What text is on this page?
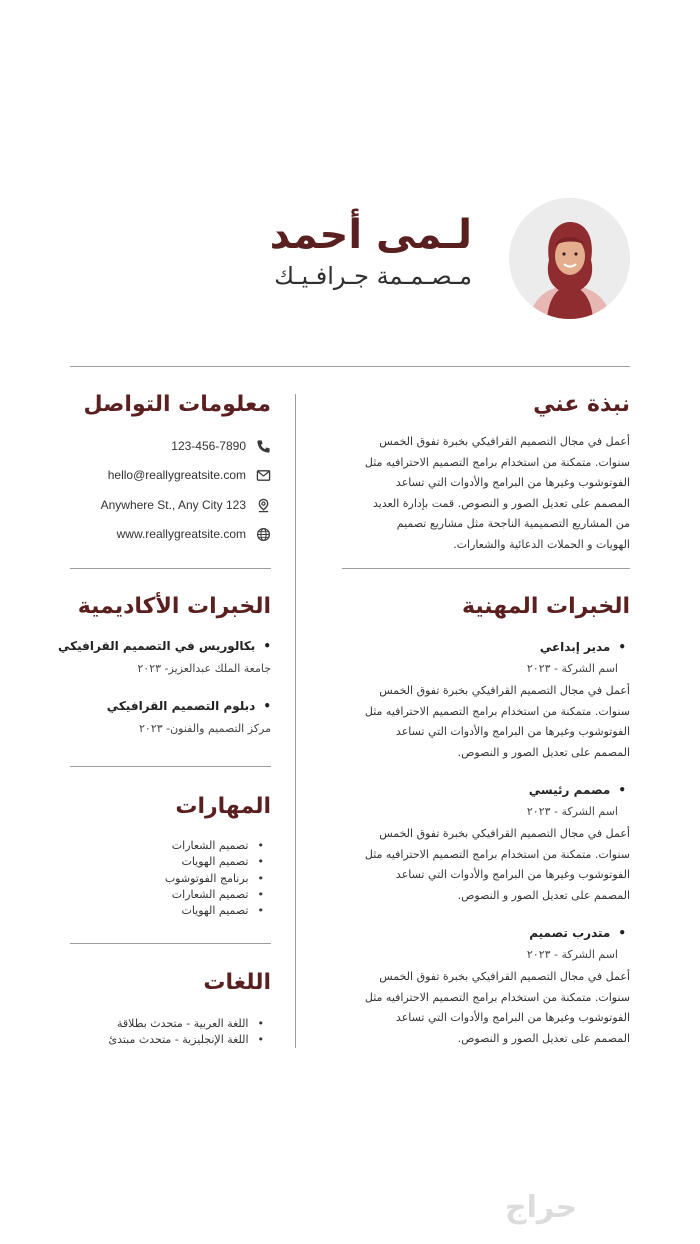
لـمى أحمد
مـصـمـمة جـرافـيـك
نبذة عني
أعمل في مجال التصميم القرافيكي بخبرة تفوق الخمس سنوات. متمكنة من استخدام برامج التصميم الاحترافيه مثل الفوتوشوب وغيرها من البرامج والأدوات التي تساعد المصمم على تعديل الصور و النصوص. قمت بإدارة العديد من المشاريع التصميمية الناجحة مثل مشاريع تصميم الهويات و الحملات الدعائية والشعارات.
معلومات التواصل
123-456-7890
hello@reallygreatsite.com
Anywhere St., Any City 123
www.reallygreatsite.com
الخبرات المهنية
• مدير إبداعي
اسم الشركة - ٢٠٢٣
أعمل في مجال التصميم القرافيكي بخبرة تفوق الخمس سنوات. متمكنة من استخدام برامج التصميم الاحترافيه مثل الفوتوشوب وغيرها من البرامج والأدوات التي تساعد المصمم على تعديل الصور و النصوص.
• مصمم رئيسي
اسم الشركة - ٢٠٢٣
أعمل في مجال التصميم القرافيكي بخبرة تفوق الخمس سنوات. متمكنة من استخدام برامج التصميم الاحترافيه مثل الفوتوشوب وغيرها من البرامج والأدوات التي تساعد المصمم على تعديل الصور و النصوص.
• متدرب تصميم
اسم الشركة - ٢٠٢٣
أعمل في مجال التصميم القرافيكي بخبرة تفوق الخمس سنوات. متمكنة من استخدام برامج التصميم الاحترافيه مثل الفوتوشوب وغيرها من البرامج والأدوات التي تساعد المصمم على تعديل الصور و النصوص.
الخبرات الأكاديمية
• بكالوريس في التصميم القرافيكي
جامعة الملك عبدالعزيز- ٢٠٢٣
• دبلوم التصميم القرافيكي
مركز التصميم والفنون- ٢٠٢٣
المهارات
• تصميم الشعارات
• تصميم الهويات
• برنامج الفوتوشوب
• تصميم الشعارات
• تصميم الهويات
اللغات
• اللغة العربية - متحدث بطلاقة
• اللغة الإنجليزية - متحدث مبتدئ
حراج
